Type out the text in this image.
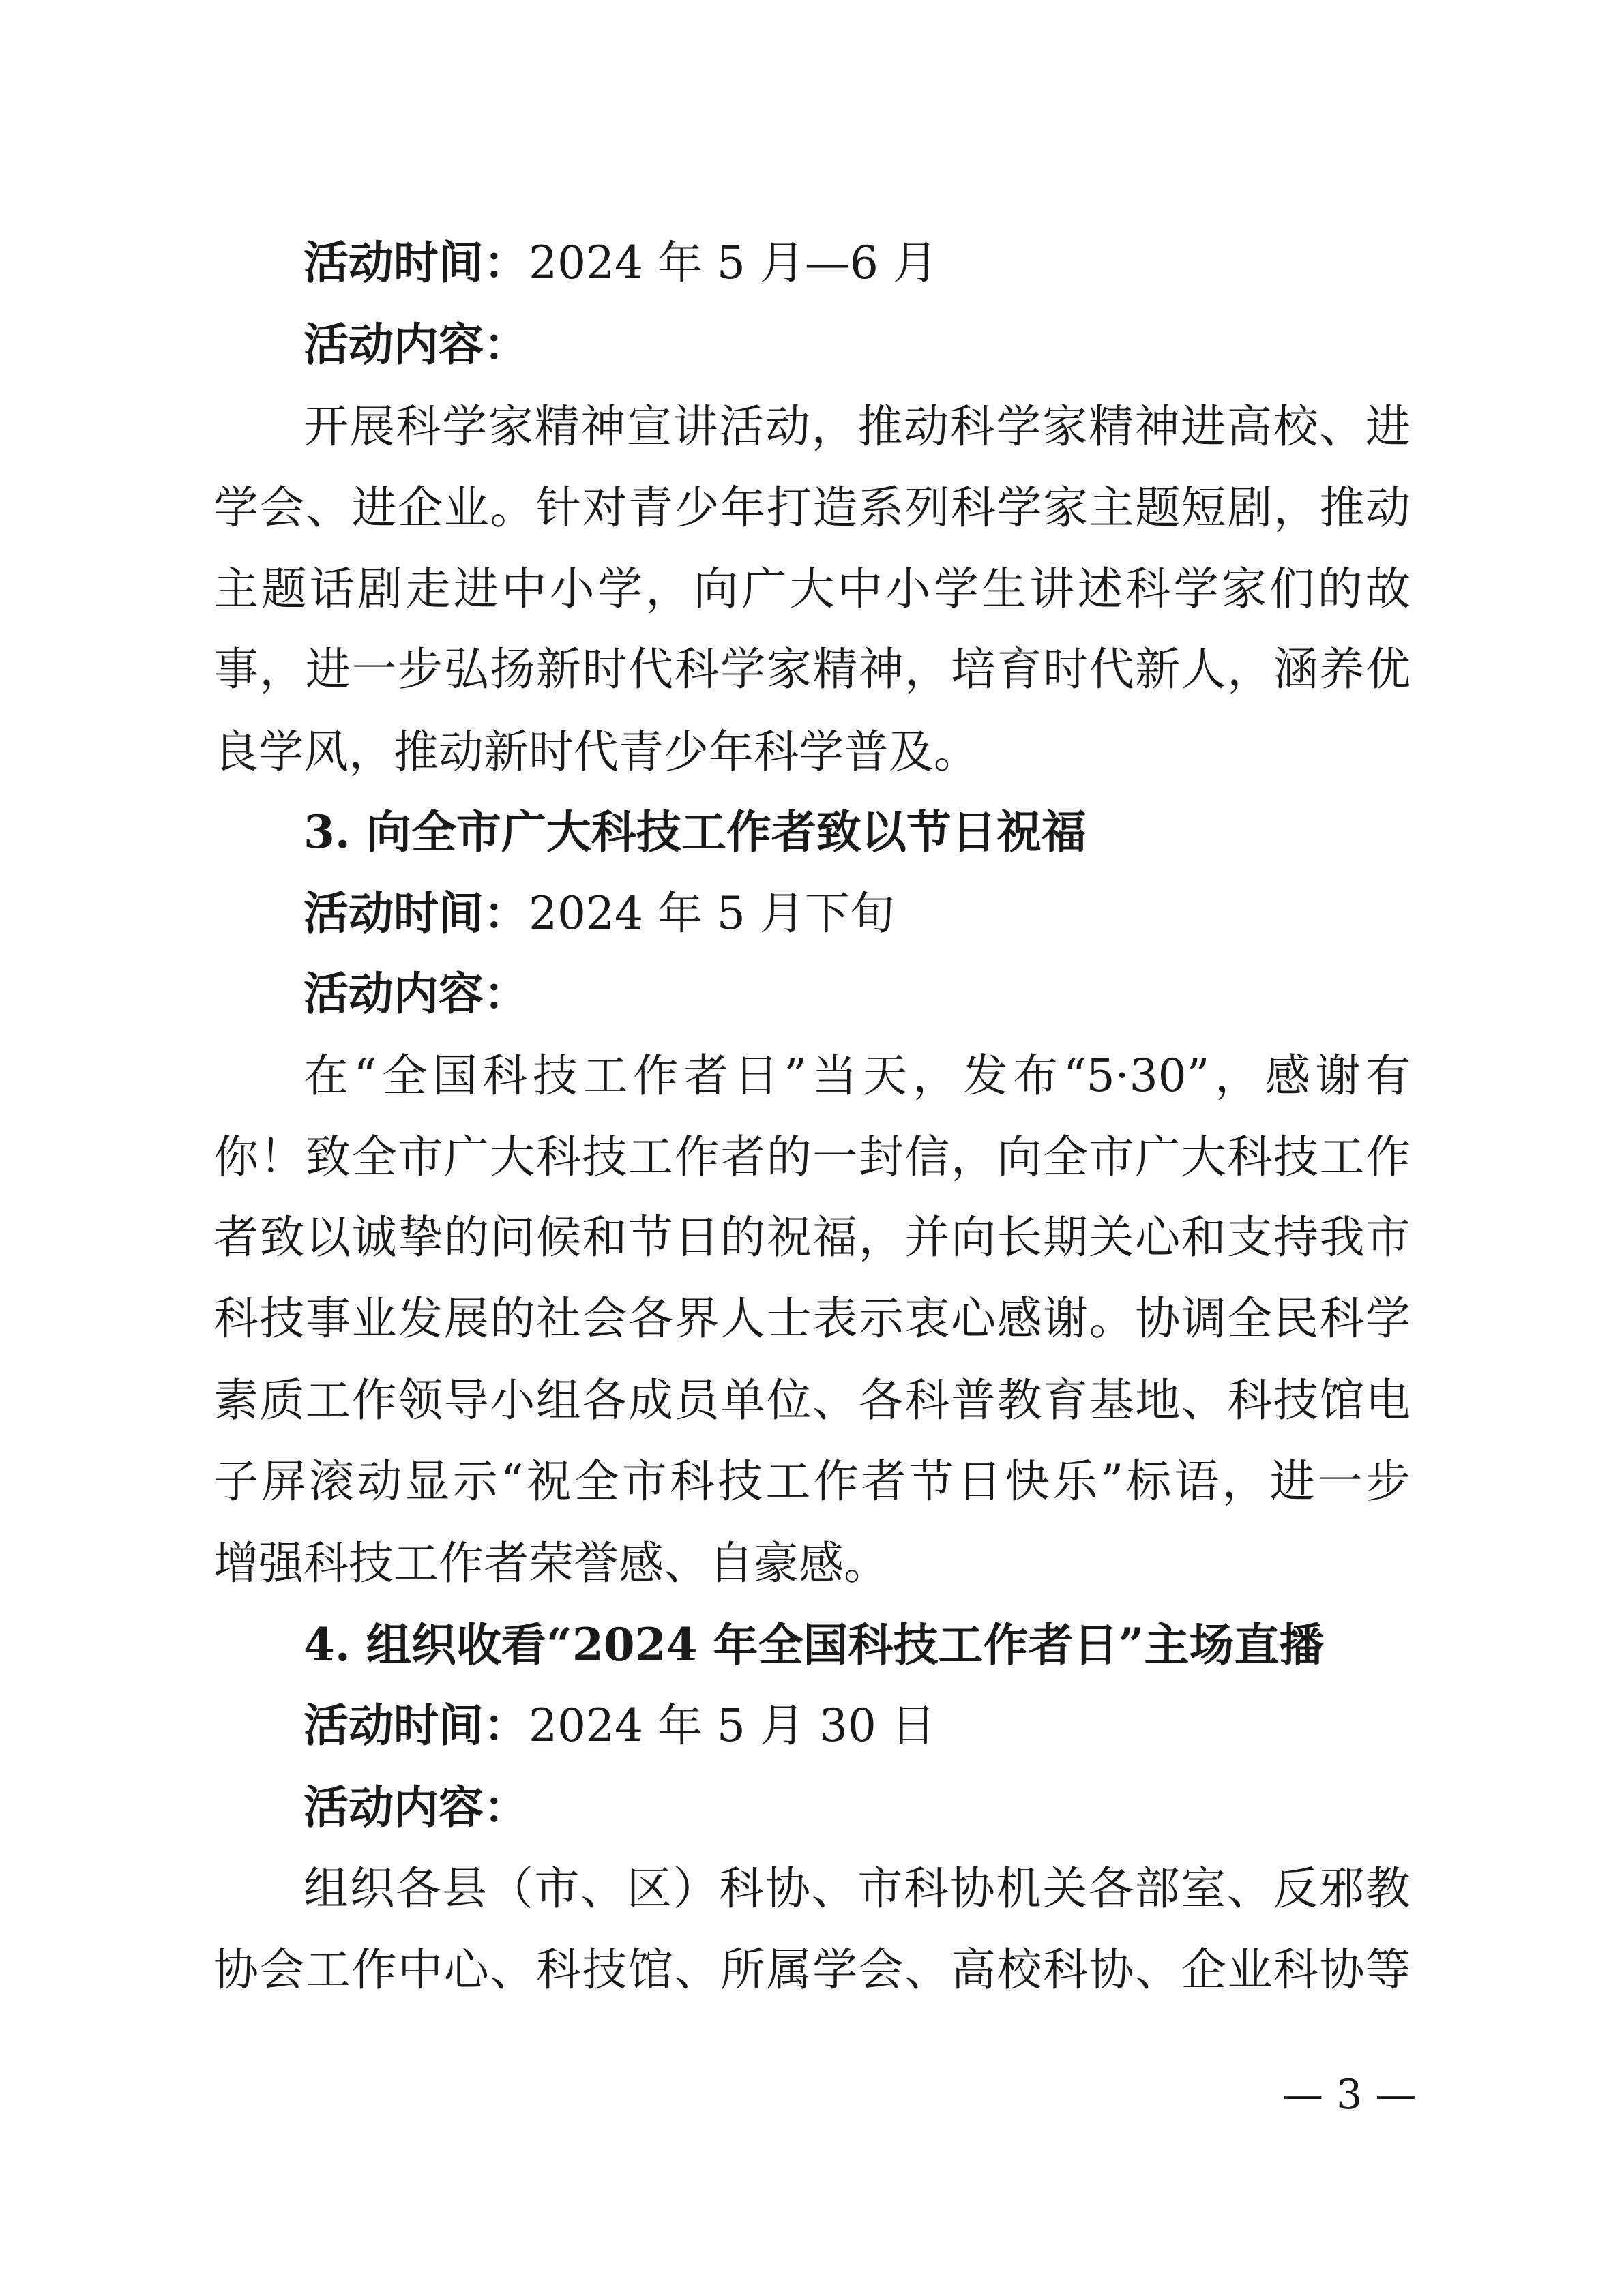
活动时间：2024 年 5 月—6 月
活动内容：
开展科学家精神宣讲活动，推动科学家精神进高校、进
学会、进企业。针对青少年打造系列科学家主题短剧，推动
主题话剧走进中小学，向广大中小学生讲述科学家们的故
事，进一步弘扬新时代科学家精神，培育时代新人，涵养优
良学风，推动新时代青少年科学普及。
3. 向全市广大科技工作者致以节日祝福
活动时间：2024 年 5 月下旬
活动内容：
在“全国科技工作者日”当天，发布“5·30”，感谢有
你！致全市广大科技工作者的一封信，向全市广大科技工作
者致以诚挚的问候和节日的祝福，并向长期关心和支持我市
科技事业发展的社会各界人士表示衷心感谢。协调全民科学
素质工作领导小组各成员单位、各科普教育基地、科技馆电
子屏滚动显示“祝全市科技工作者节日快乐”标语，进一步
增强科技工作者荣誉感、自豪感。
4. 组织收看“2024 年全国科技工作者日”主场直播
活动时间：2024 年 5 月 30 日
活动内容：
组织各县（市、区）科协、市科协机关各部室、反邪教
协会工作中心、科技馆、所属学会、高校科协、企业科协等
— 3 —
